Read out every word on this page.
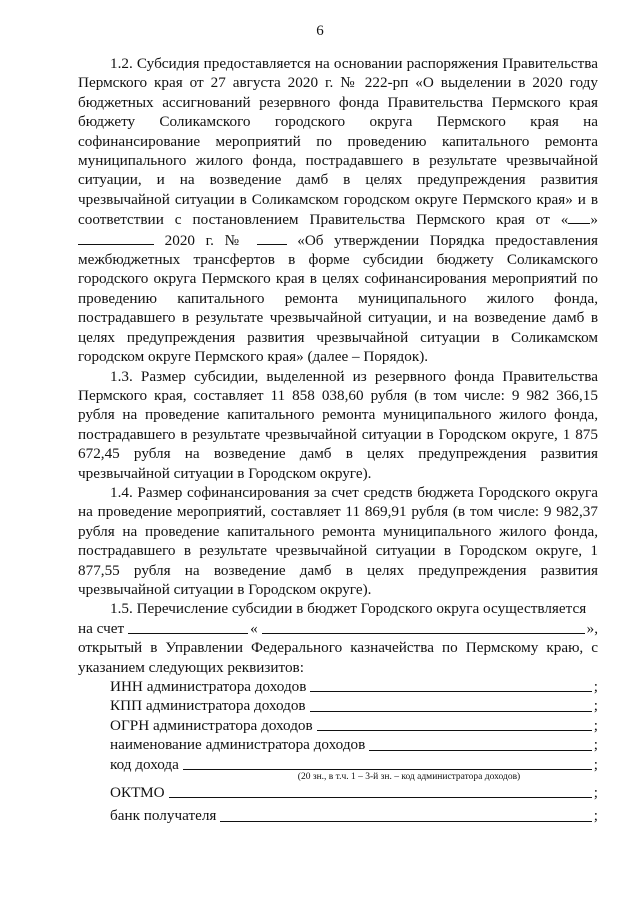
6

1.2. Субсидия предоставляется на основании распоряжения Правительства Пермского края от 27 августа 2020 г. № 222-рп «О выделении в 2020 году бюджетных ассигнований резервного фонда Правительства Пермского края бюджету Соликамского городского округа Пермского края на софинансирование мероприятий по проведению капитального ремонта муниципального жилого фонда, пострадавшего в результате чрезвычайной ситуации, и на возведение дамб в целях предупреждения развития чрезвычайной ситуации в Соликамском городском округе Пермского края» и в соответствии с постановлением Правительства Пермского края от « »  2020 г. №	«Об утверждении Порядка предоставления межбюджетных трансфертов в форме субсидии бюджету Соликамского городского округа Пермского края в целях софинансирования мероприятий по проведению капитального ремонта муниципального жилого фонда, пострадавшего в результате чрезвычайной ситуации, и на возведение дамб в целях предупреждения развития чрезвычайной ситуации в Соликамском городском округе Пермского края» (далее – Порядок).

1.3. Размер субсидии, выделенной из резервного фонда Правительства Пермского края, составляет 11 858 038,60 рубля (в том числе: 9 982 366,15 рубля на проведение капитального ремонта муниципального жилого фонда, пострадавшего в результате чрезвычайной ситуации в Городском округе, 1 875 672,45 рубля на возведение дамб в целях предупреждения развития чрезвычайной ситуации в Городском округе).

1.4. Размер софинансирования за счет средств бюджета Городского округа на проведение мероприятий, составляет 11 869,91 рубля (в том числе: 9 982,37 рубля на проведение капитального ремонта муниципального жилого фонда, пострадавшего в результате чрезвычайной ситуации в Городском округе, 1 877,55 рубля на возведение дамб в целях предупреждения развития чрезвычайной ситуации в Городском округе).

1.5. Перечисление субсидии в бюджет Городского округа осуществляется

на счет	«	»,

открытый в Управлении Федерального казначейства по Пермскому краю, с указанием следующих реквизитов:

ИНН администратора доходов	;
КПП администратора доходов	;
ОГРН администратора доходов	;
наименование администратора доходов	;
код дохода	;
(20 зн., в т.ч. 1 – 3-й зн. – код администратора доходов)
ОКТМО	;
банк получателя	;
